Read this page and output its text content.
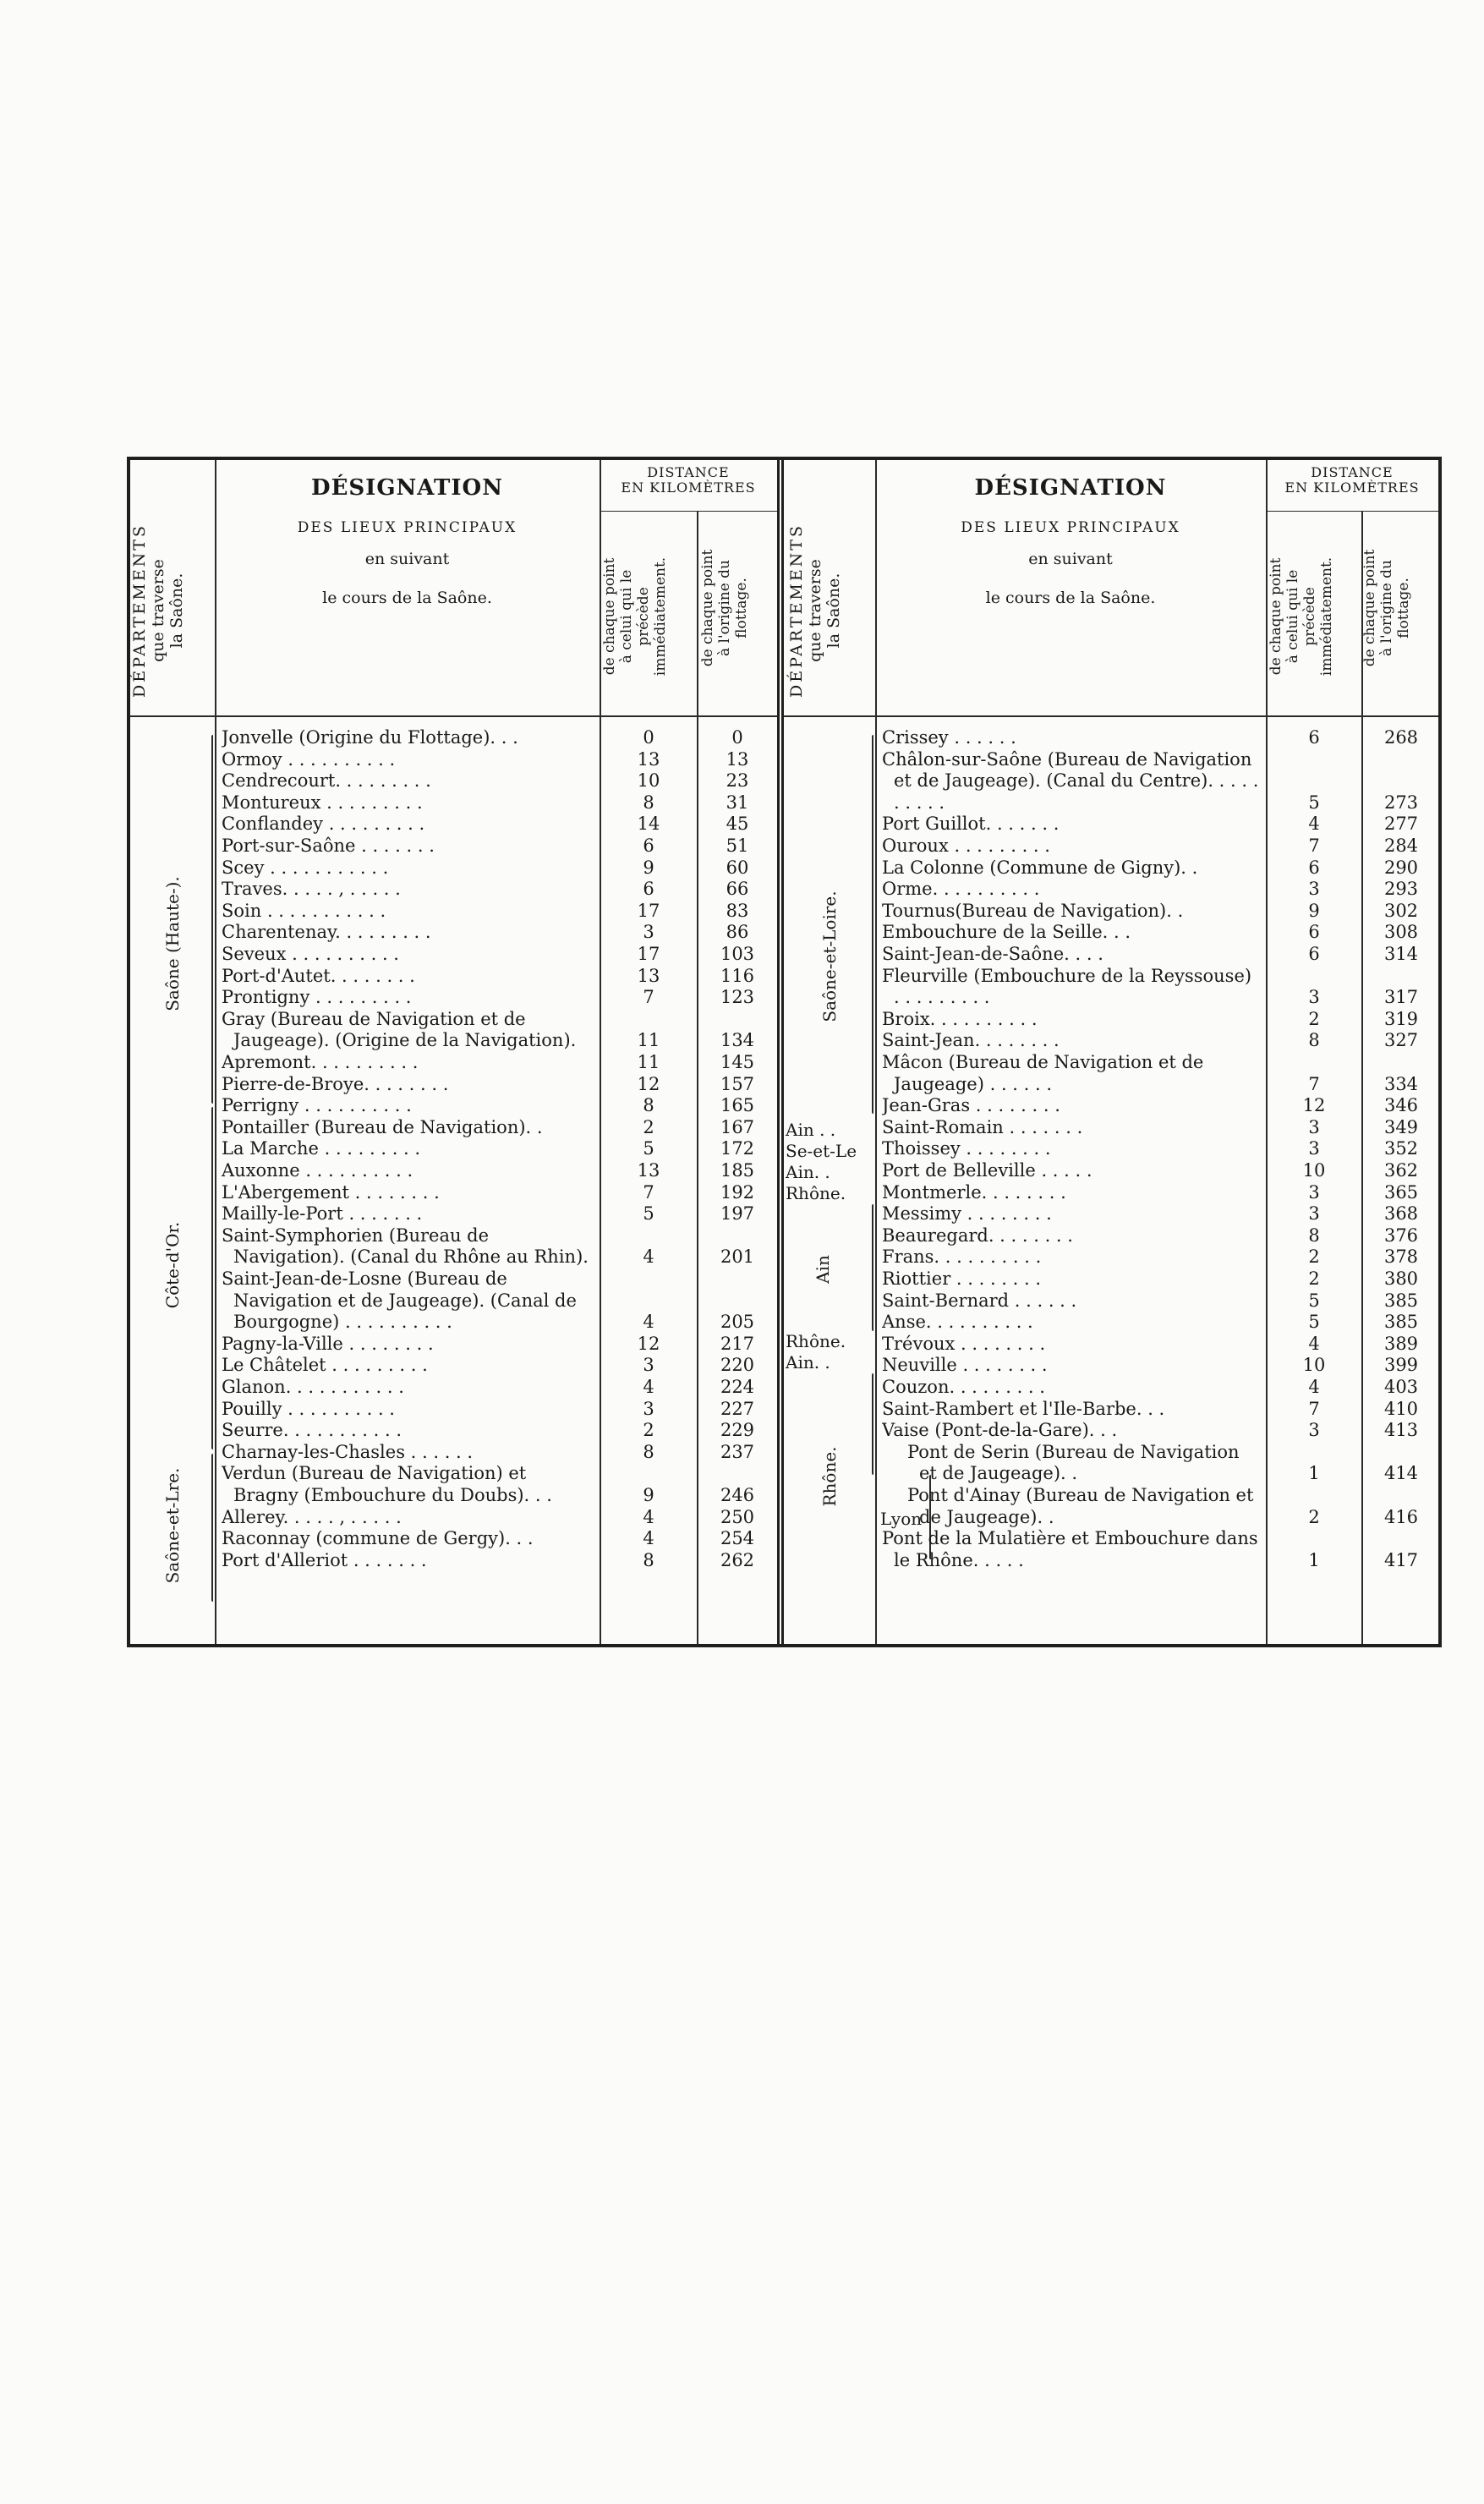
DÉPARTEMENTS que traverse la Saône.
DÉSIGNATION
DES LIEUX PRINCIPAUX
en suivant
le cours de la Saône.
DISTANCE
EN KILOMÈTRES
de chaque point à celui qui le précède immédiatement. de chaque point à l'origine du flottage.
Saône (Haute-).
Côte-d'Or.
Saône-et-Lre.
Jonvelle (Origine du Flottage). . .	0	0
Ormoy . . . . . . . . . .	13	13
Cendrecourt. . . . . . . . .	10	23
Montureux . . . . . . . . .	8	31
Conflandey . . . . . . . . .	14	45
Port-sur-Saône . . . . . . .	6	51
Scey . . . . . . . . . . .	9	60
Traves. . . . . , . . . . .	6	66
Soin . . . . . . . . . . .	17	83
Charentenay. . . . . . . . .	3	86
Seveux . . . . . . . . . .	17	103
Port-d'Autet. . . . . . . .	13	116
Prontigny . . . . . . . . .	7	123
Gray (Bureau de Navigation et de Jaugeage). (Origine de la Navigation).	11	134
Apremont. . . . . . . . . .	11	145
Pierre-de-Broye. . . . . . . .	12	157
Perrigny . . . . . . . . . .	8	165
Pontailler (Bureau de Navigation). .	2	167
La Marche . . . . . . . . .	5	172
Auxonne . . . . . . . . . .	13	185
L'Abergement . . . . . . . .	7	192
Mailly-le-Port . . . . . . .	5	197
Saint-Symphorien (Bureau de Navigation). (Canal du Rhône au Rhin).	4	201
Saint-Jean-de-Losne (Bureau de Navigation et de Jaugeage). (Canal de Bourgogne) . . . . . . . . . .	4	205
Pagny-la-Ville . . . . . . . .	12	217
Le Châtelet . . . . . . . . .	3	220
Glanon. . . . . . . . . . .	4	224
Pouilly . . . . . . . . . .	3	227
Seurre. . . . . . . . . . .	2	229
Charnay-les-Chasles . . . . . .	8	237
Verdun (Bureau de Navigation) et Bragny (Embouchure du Doubs). . .	9	246
Allerey. . . . . , . . . . .	4	250
Raconnay (commune de Gergy). . .	4	254
Port d'Alleriot . . . . . . .	8	262
DÉPARTEMENTS que traverse la Saône.
DÉSIGNATION
DES LIEUX PRINCIPAUX
en suivant
le cours de la Saône.
DISTANCE
EN KILOMÈTRES
de chaque point à celui qui le précède immédiatement. de chaque point à l'origine du flottage.
Saône-et-Loire.
Ain . .
Se-et-Le
Ain. .
Rhône.
Ain
Rhône.
Ain. .
Rhône.
Lyon
Crissey . . . . . .	6	268
Châlon-sur-Saône (Bureau de Navigation et de Jaugeage). (Canal du Centre). . . . . . . . . .	5	273
Port Guillot. . . . . . .	4	277
Ouroux . . . . . . . . .	7	284
La Colonne (Commune de Gigny). .	6	290
Orme. . . . . . . . . .	3	293
Tournus(Bureau de Navigation). .	9	302
Embouchure de la Seille. . .	6	308
Saint-Jean-de-Saône. . . .	6	314
Fleurville (Embouchure de la Reyssouse) . . . . . . . . .	3	317
Broix. . . . . . . . . .	2	319
Saint-Jean. . . . . . . .	8	327
Mâcon (Bureau de Navigation et de Jaugeage) . . . . . .	7	334
Jean-Gras . . . . . . . .	12	346
Saint-Romain . . . . . . .	3	349
Thoissey . . . . . . . .	3	352
Port de Belleville . . . . .	10	362
Montmerle. . . . . . . .	3	365
Messimy . . . . . . . .	3	368
Beauregard. . . . . . . .	8	376
Frans. . . . . . . . . .	2	378
Riottier . . . . . . . .	2	380
Saint-Bernard . . . . . .	5	385
Anse. . . . . . . . . .	5	385
Trévoux . . . . . . . .	4	389
Neuville . . . . . . . .	10	399
Couzon. . . . . . . . .	4	403
Saint-Rambert et l'Ile-Barbe. . .	7	410
Vaise (Pont-de-la-Gare). . .	3	413
Pont de Serin (Bureau de Navigation et de Jaugeage). .	1	414
Pont d'Ainay (Bureau de Navigation et de Jaugeage). .	2	416
Pont de la Mulatière et Embouchure dans le Rhône. . . . .	1	417
